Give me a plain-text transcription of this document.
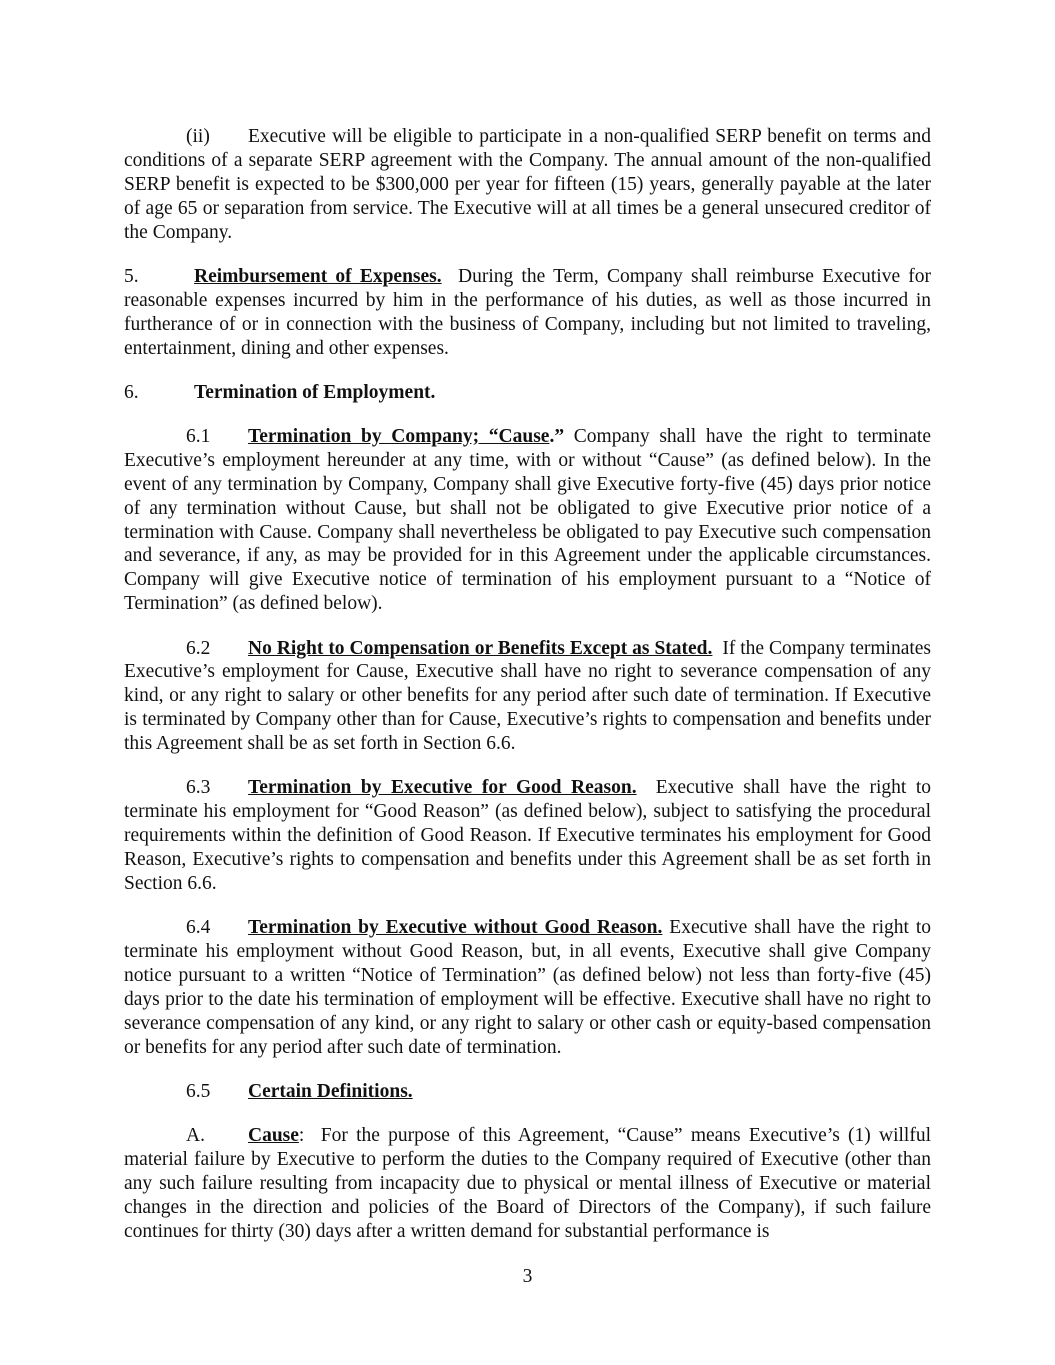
(ii) Executive will be eligible to participate in a non-qualified SERP benefit on terms and conditions of a separate SERP agreement with the Company. The annual amount of the non-qualified SERP benefit is expected to be $300,000 per year for fifteen (15) years, generally payable at the later of age 65 or separation from service. The Executive will at all times be a general unsecured creditor of the Company.

5.	Reimbursement of Expenses. During the Term, Company shall reimburse Executive for reasonable expenses incurred by him in the performance of his duties, as well as those incurred in furtherance of or in connection with the business of Company, including but not limited to traveling, entertainment, dining and other expenses.

6.	Termination of Employment.

6.1 Termination by Company; “Cause.” Company shall have the right to terminate Executive’s employment hereunder at any time, with or without “Cause” (as defined below). In the event of any termination by Company, Company shall give Executive forty-five (45) days prior notice of any termination without Cause, but shall not be obligated to give Executive prior notice of a termination with Cause. Company shall nevertheless be obligated to pay Executive such compensation and severance, if any, as may be provided for in this Agreement under the applicable circumstances. Company will give Executive notice of termination of his employment pursuant to a “Notice of Termination” (as defined below).

6.2 No Right to Compensation or Benefits Except as Stated. If the Company terminates Executive’s employment for Cause, Executive shall have no right to severance compensation of any kind, or any right to salary or other benefits for any period after such date of termination. If Executive is terminated by Company other than for Cause, Executive’s rights to compensation and benefits under this Agreement shall be as set forth in Section 6.6.

6.3 Termination by Executive for Good Reason. Executive shall have the right to terminate his employment for “Good Reason” (as defined below), subject to satisfying the procedural requirements within the definition of Good Reason. If Executive terminates his employment for Good Reason, Executive’s rights to compensation and benefits under this Agreement shall be as set forth in Section 6.6.

6.4 Termination by Executive without Good Reason. Executive shall have the right to terminate his employment without Good Reason, but, in all events, Executive shall give Company notice pursuant to a written “Notice of Termination” (as defined below) not less than forty-five (45) days prior to the date his termination of employment will be effective. Executive shall have no right to severance compensation of any kind, or any right to salary or other cash or equity-based compensation or benefits for any period after such date of termination.

6.5 Certain Definitions.

A. Cause: For the purpose of this Agreement, “Cause” means Executive’s (1) willful material failure by Executive to perform the duties to the Company required of Executive (other than any such failure resulting from incapacity due to physical or mental illness of Executive or material changes in the direction and policies of the Board of Directors of the Company), if such failure continues for thirty (30) days after a written demand for substantial performance is

3
